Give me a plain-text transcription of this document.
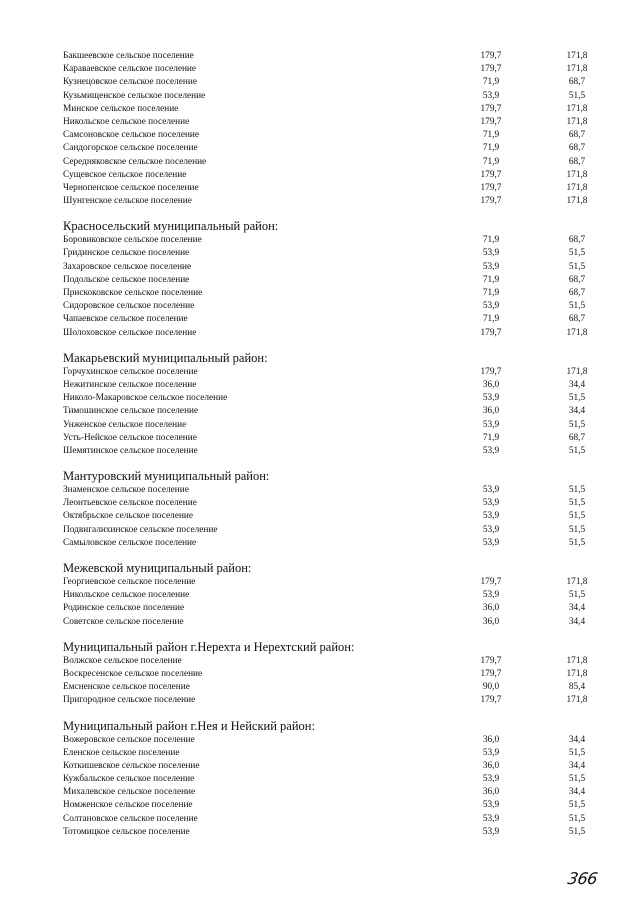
Бакшеевское сельское поселение	179,7	171,8
Каравaевское сельское поселение	179,7	171,8
Кузнецовское сельское поселение	71,9	68,7
Кузьмищенское сельское поселение	53,9	51,5
Минское сельское поселение	179,7	171,8
Никольское сельское поселение	179,7	171,8
Самсоновское сельское поселение	71,9	68,7
Сандогорское сельское поселение	71,9	68,7
Середняковское сельское поселение	71,9	68,7
Сущевское сельское поселение	179,7	171,8
Чернопенское сельское поселение	179,7	171,8
Шунгенское сельское поселение	179,7	171,8
Красносельский муниципальный район:
Боровиковское сельское поселение	71,9	68,7
Гридинское сельское поселение	53,9	51,5
Захаровское сельское поселение	53,9	51,5
Подольское сельское поселение	71,9	68,7
Прискоковское сельское поселение	71,9	68,7
Сидоровское сельское поселение	53,9	51,5
Чапаевское сельское поселение	71,9	68,7
Шолоховское сельское поселение	179,7	171,8
Макарьевский муниципальный район:
Горчухинское сельское поселение	179,7	171,8
Нежитинское сельское поселение	36,0	34,4
Николо-Макаровское сельское поселение	53,9	51,5
Тимошинское сельское поселение	36,0	34,4
Унженское сельское поселение	53,9	51,5
Усть-Нейское сельское поселение	71,9	68,7
Шемятинское сельское поселение	53,9	51,5
Мантуровский муниципальный район:
Знаменское сельское поселение	53,9	51,5
Леонтьевское сельское поселение	53,9	51,5
Октябрьское сельское поселение	53,9	51,5
Подвигалихинское сельское поселение	53,9	51,5
Самыловское сельское поселение	53,9	51,5
Межевской муниципальный район:
Георгиевское сельское поселение	179,7	171,8
Никольское сельское поселение	53,9	51,5
Родинское сельское поселение	36,0	34,4
Советское сельское поселение	36,0	34,4
Муниципальный район г.Нерехта и Нерехтский район:
Волжское сельское поселение	179,7	171,8
Воскресенское сельское поселение	179,7	171,8
Емсненское сельское поселение	90,0	85,4
Пригородное сельское поселение	179,7	171,8
Муниципальный район г.Нея и Нейский район:
Вожеровское сельское поселение	36,0	34,4
Еленское сельское поселение	53,9	51,5
Коткишевское сельское поселение	36,0	34,4
Кужбальское сельское поселение	53,9	51,5
Михалевское сельское поселение	36,0	34,4
Номженское сельское поселение	53,9	51,5
Солтановское сельское поселение	53,9	51,5
Тотомицкое сельское поселение	53,9	51,5
366
